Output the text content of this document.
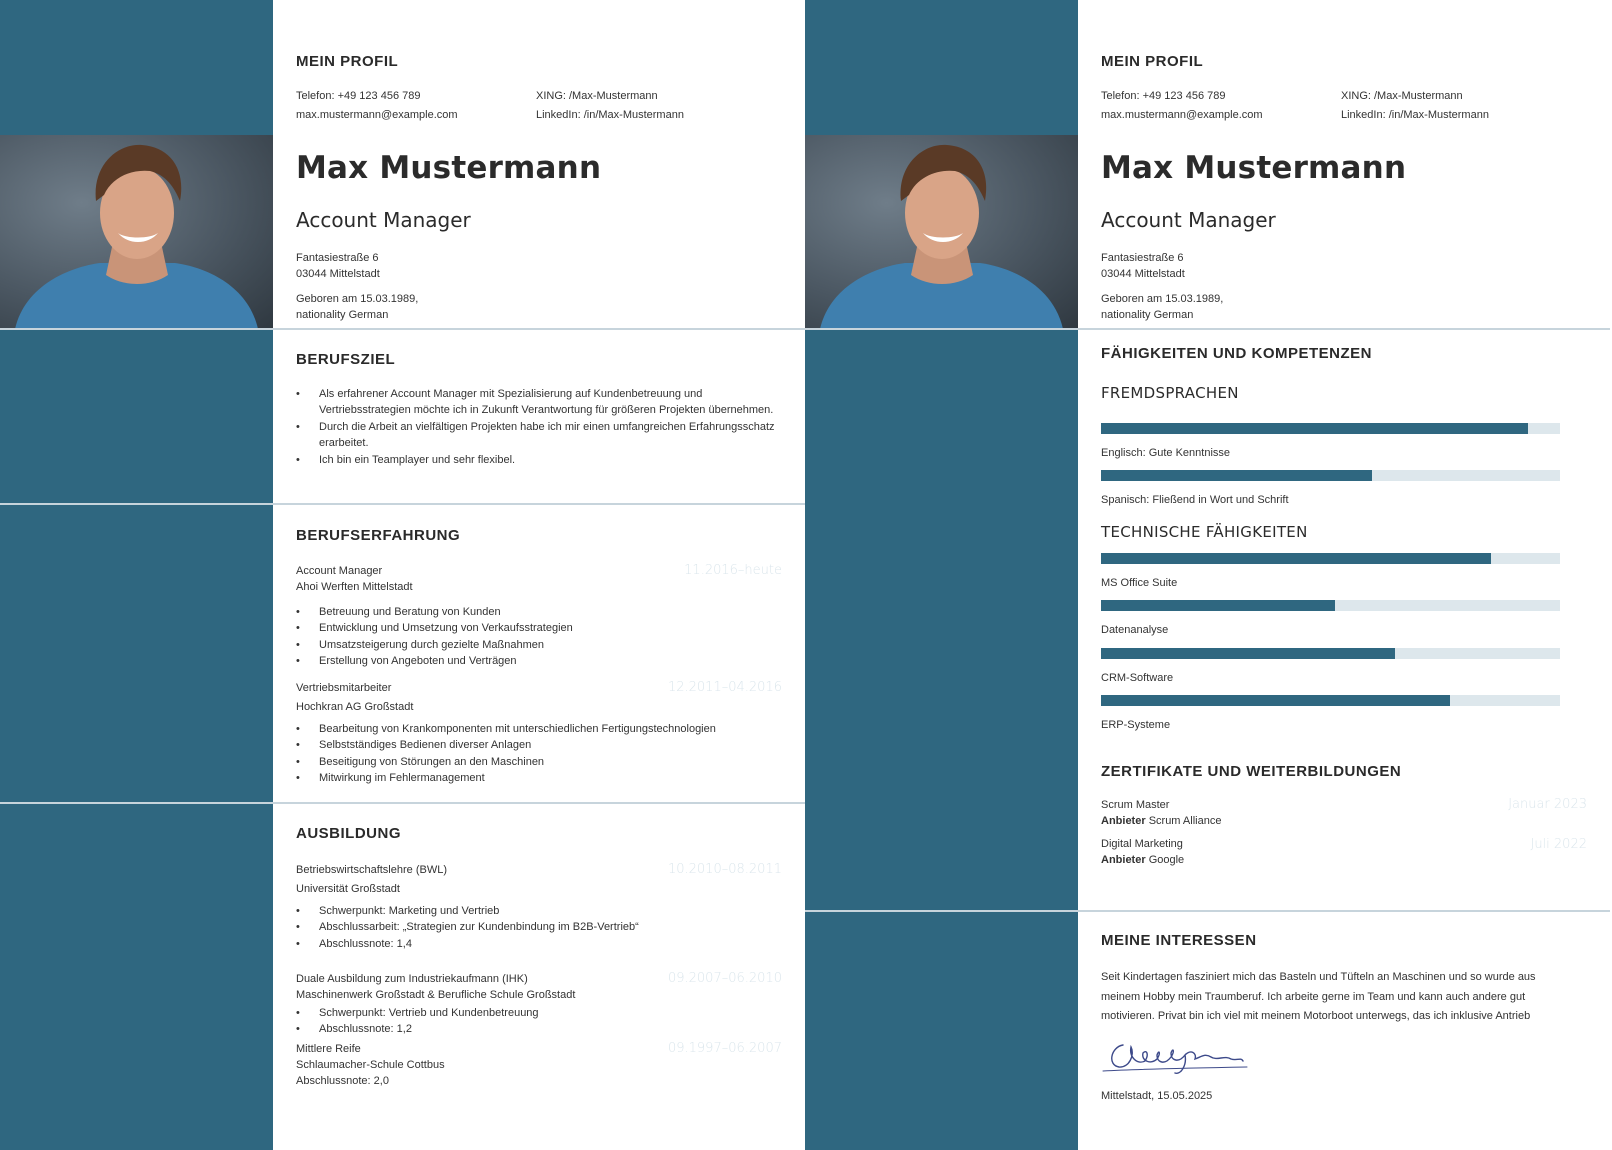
MEIN PROFIL
Telefon: +49 123 456 789
max.mustermann@example.com
XING: /Max-Mustermann
LinkedIn: /in/Max-Mustermann
Max Mustermann
Account Manager
Fantasiestraße 6
03044 Mittelstadt
Geboren am 15.03.1989,
nationality German
BERUFSZIEL
• Als erfahrener Account Manager mit Spezialisierung auf Kundenbetreuung und Vertriebsstrategien möchte ich in Zukunft Verantwortung für größeren Projekten übernehmen.
• Durch die Arbeit an vielfältigen Projekten habe ich mir einen umfangreichen Erfahrungsschatz erarbeitet.
• Ich bin ein Teamplayer und sehr flexibel.
BERUFSERFAHRUNG
11.2016–heute
Account Manager
Ahoi Werften Mittelstadt
• Betreuung und Beratung von Kunden
• Entwicklung und Umsetzung von Verkaufsstrategien
• Umsatzsteigerung durch gezielte Maßnahmen
• Erstellung von Angeboten und Verträgen
12.2011–04.2016
Vertriebsmitarbeiter
Hochkran AG Großstadt
• Bearbeitung von Krankomponenten mit unterschiedlichen Fertigungstechnologien
• Selbstständiges Bedienen diverser Anlagen
• Beseitigung von Störungen an den Maschinen
• Mitwirkung im Fehlermanagement
AUSBILDUNG
10.2010–08.2011
Betriebswirtschaftslehre (BWL)
Universität Großstadt
• Schwerpunkt: Marketing und Vertrieb
• Abschlussarbeit: „Strategien zur Kundenbindung im B2B-Vertrieb“
• Abschlussnote: 1,4
09.2007–06.2010
Duale Ausbildung zum Industriekaufmann (IHK)
Maschinenwerk Großstadt & Berufliche Schule Großstadt
• Schwerpunkt: Vertrieb und Kundenbetreuung
• Abschlussnote: 1,2
09.1997–06.2007
Mittlere Reife
Schlaumacher-Schule Cottbus
Abschlussnote: 2,0
MEIN PROFIL
Telefon: +49 123 456 789
max.mustermann@example.com
XING: /Max-Mustermann
LinkedIn: /in/Max-Mustermann
Max Mustermann
Account Manager
Fantasiestraße 6
03044 Mittelstadt
Geboren am 15.03.1989,
nationality German
FÄHIGKEITEN UND KOMPETENZEN
FREMDSPRACHEN
Englisch: Gute Kenntnisse
Spanisch: Fließend in Wort und Schrift
TECHNISCHE FÄHIGKEITEN
MS Office Suite
Datenanalyse
CRM-Software
ERP-Systeme
ZERTIFIKATE UND WEITERBILDUNGEN
Januar 2023
Scrum Master
Anbieter Scrum Alliance
Juli 2022
Digital Marketing
Anbieter Google
MEINE INTERESSEN
Seit Kindertagen fasziniert mich das Basteln und Tüfteln an Maschinen und so wurde aus meinem Hobby mein Traumberuf. Ich arbeite gerne im Team und kann auch andere gut motivieren. Privat bin ich viel mit meinem Motorboot unterwegs, das ich inklusive Antrieb
Mittelstadt, 15.05.2025
